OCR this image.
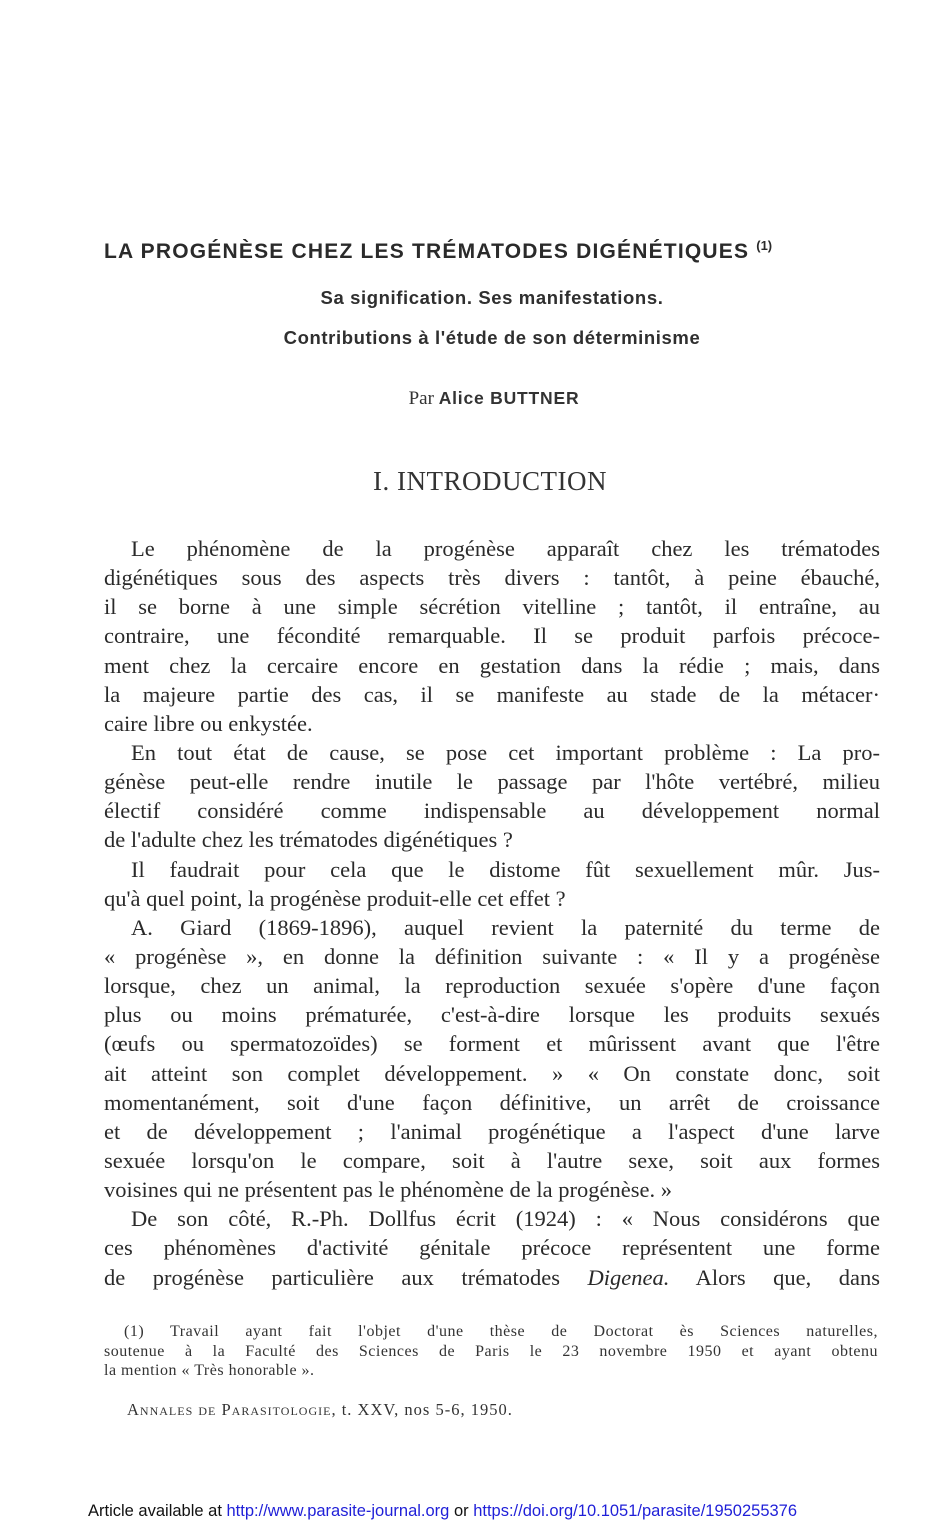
LA PROGÉNÈSE CHEZ LES TRÉMATODES DIGÉNÉTIQUES $^{(1)}$
Sa signification. Ses manifestations.
Contributions à l'étude de son déterminisme
Par Alice BUTTNER
I. INTRODUCTION
Le phénomène de la progénèse apparaît chez les trématodes
digénétiques sous des aspects très divers : tantôt, à peine ébauché,
il se borne à une simple sécrétion vitelline ; tantôt, il entraîne, au
contraire, une fécondité remarquable. Il se produit parfois précoce-
ment chez la cercaire encore en gestation dans la rédie ; mais, dans
la majeure partie des cas, il se manifeste au stade de la métacer·
caire libre ou enkystée.
En tout état de cause, se pose cet important problème : La pro-
génèse peut-elle rendre inutile le passage par l'hôte vertébré, milieu
électif considéré comme indispensable au développement normal
de l'adulte chez les trématodes digénétiques ?
Il faudrait pour cela que le distome fût sexuellement mûr. Jus-
qu'à quel point, la progénèse produit-elle cet effet ?
A. Giard (1869-1896), auquel revient la paternité du terme de
« progénèse », en donne la définition suivante : « Il y a progénèse
lorsque, chez un animal, la reproduction sexuée s'opère d'une façon
plus ou moins prématurée, c'est-à-dire lorsque les produits sexués
(œufs ou spermatozoïdes) se forment et mûrissent avant que l'être
ait atteint son complet développement. » « On constate donc, soit
momentanément, soit d'une façon définitive, un arrêt de croissance
et de développement ; l'animal progénétique a l'aspect d'une larve
sexuée lorsqu'on le compare, soit à l'autre sexe, soit aux formes
voisines qui ne présentent pas le phénomène de la progénèse. »
De son côté, R.-Ph. Dollfus écrit (1924) : « Nous considérons que
ces phénomènes d'activité génitale précoce représentent une forme
de progénèse particulière aux trématodes Digenea. Alors que, dans
(1) Travail ayant fait l'objet d'une thèse de Doctorat ès Sciences naturelles,
soutenue à la Faculté des Sciences de Paris le 23 novembre 1950 et ayant obtenu
la mention « Très honorable ».
Annales de Parasitologie, t. XXV, nos 5-6, 1950.
Article available at http://www.parasite-journal.org or https://doi.org/10.1051/parasite/1950255376
